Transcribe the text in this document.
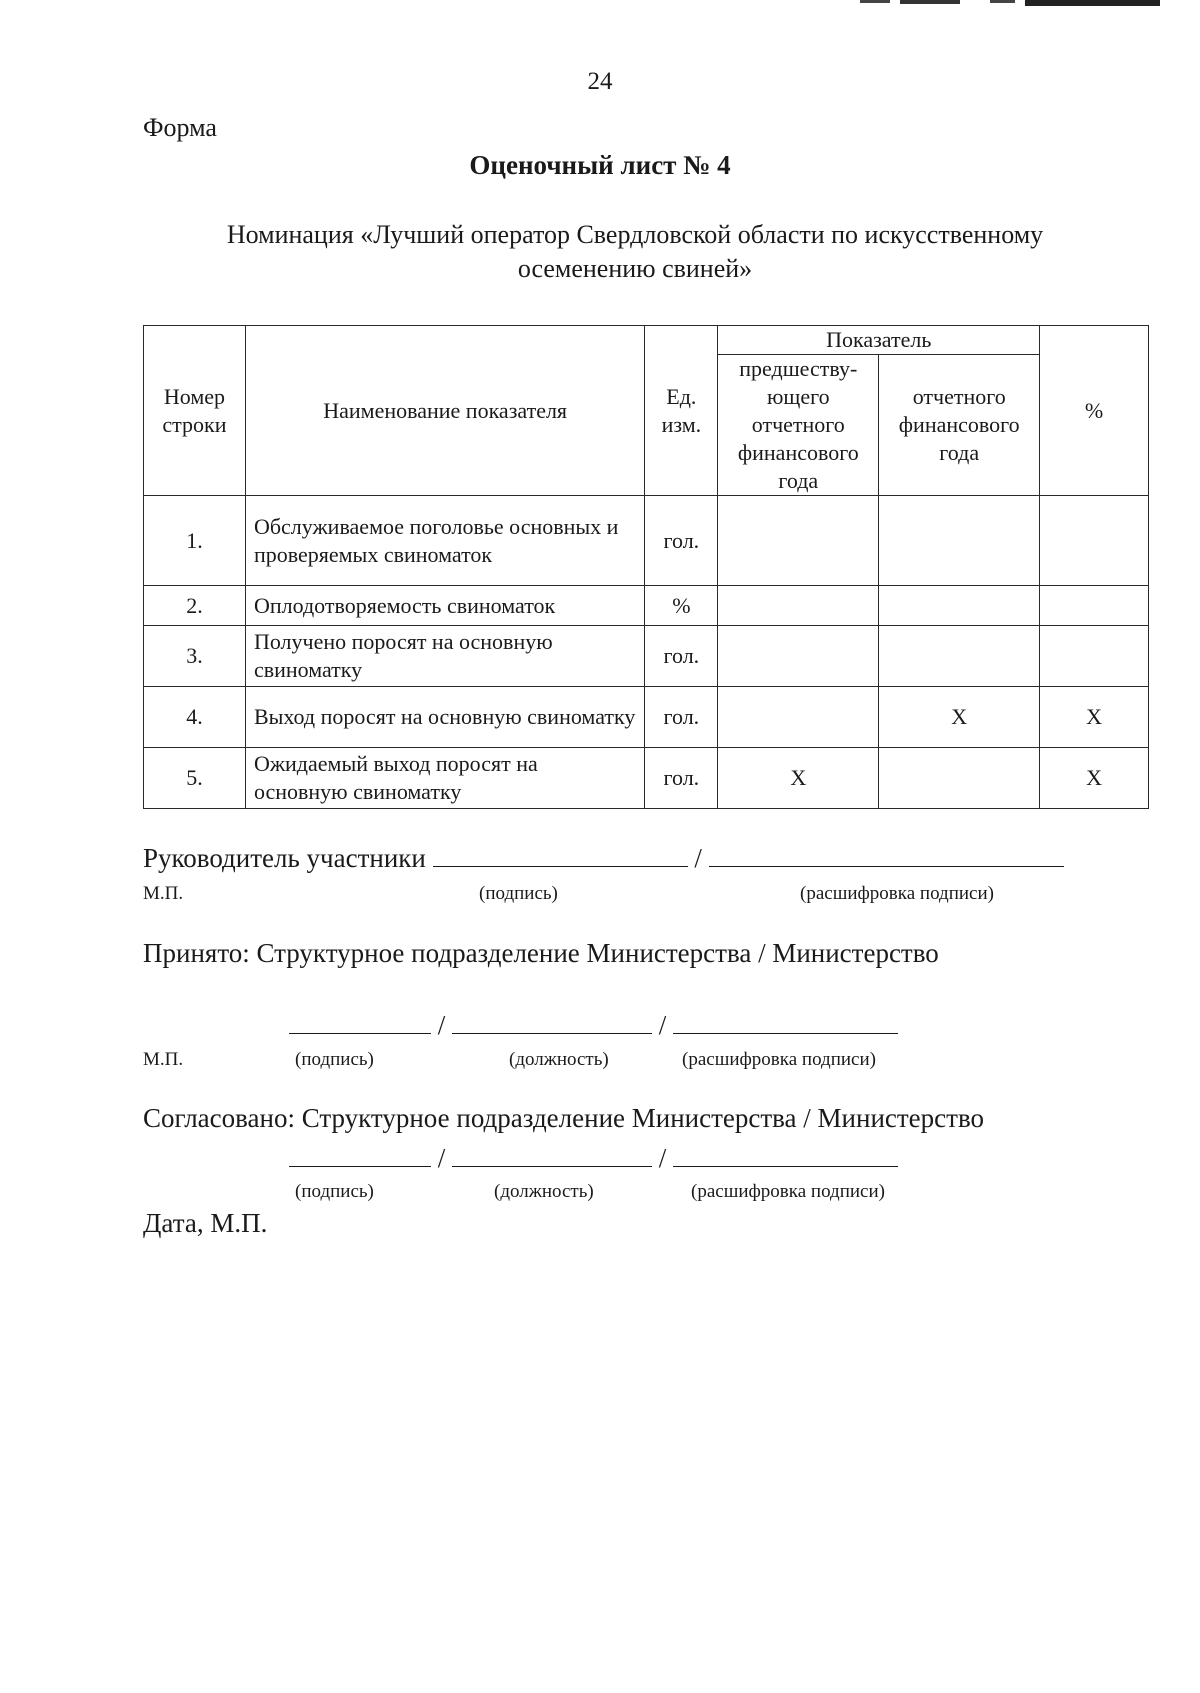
24
Форма
Оценочный лист № 4
Номинация «Лучший оператор Свердловской области по искусственному осеменению свиней»
Номер строки	Наименование показателя	Ед. изм.	Показатель		%
			предшеству- ющего отчетного финансового года	отчетного финансового года	
1.	Обслуживаемое поголовье основных и проверяемых свиноматок	гол.			
2.	Оплодотворяемость свиноматок	%			
3.	Получено поросят на основную свиноматку	гол.			
4.	Выход поросят на основную свиноматку	гол.		X	X
5.	Ожидаемый выход поросят на основную свиноматку	гол.	X		X
Руководитель участники	/
М.П.	(подпись)	(расшифровка подписи)
Принято: Структурное подразделение Министерства / Министерство
/	/
М.П.	(подпись)	(должность)	(расшифровка подписи)
Согласовано: Структурное подразделение Министерства / Министерство
/	/
(подпись)	(должность)	(расшифровка подписи)
Дата, М.П.
